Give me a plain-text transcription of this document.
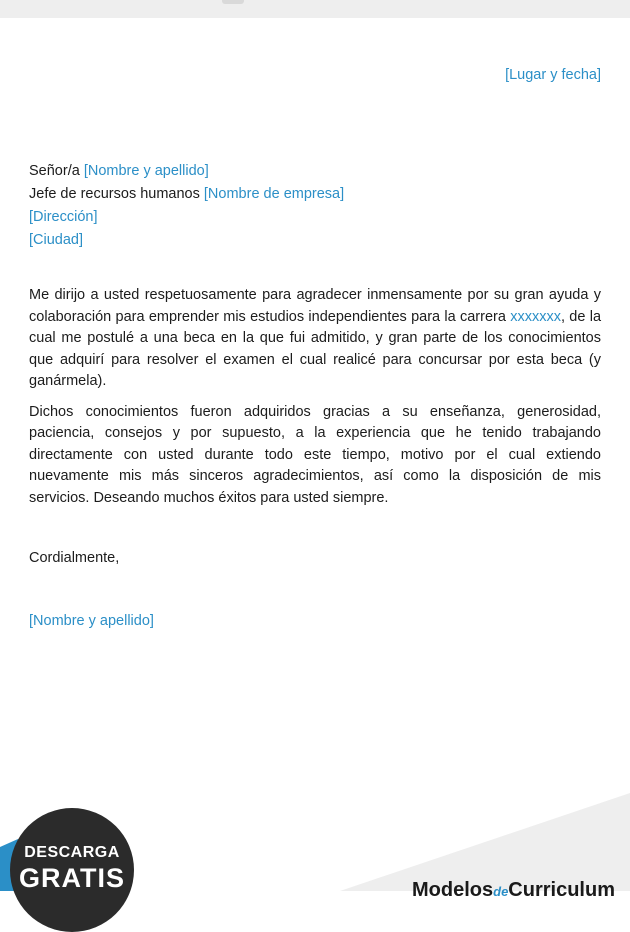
[Lugar y fecha]
Señor/a [Nombre y apellido]
Jefe de recursos humanos [Nombre de empresa]
[Dirección]
[Ciudad]

Me dirijo a usted respetuosamente para agradecer inmensamente por su gran ayuda y colaboración para emprender mis estudios independientes para la carrera xxxxxxx, de la cual me postulé a una beca en la que fui admitido, y gran parte de los conocimientos que adquirí para resolver el examen el cual realicé para concursar por esta beca (y ganármela).

Dichos conocimientos fueron adquiridos gracias a su enseñanza, generosidad, paciencia, consejos y por supuesto, a la experiencia que he tenido trabajando directamente con usted durante todo este tiempo, motivo por el cual extiendo nuevamente mis más sinceros agradecimientos, así como la disposición de mis servicios. Deseando muchos éxitos para usted siempre.

Cordialmente,
[Nombre y apellido]
DESCARGA
GRATIS	ModelosdeCurriculum
